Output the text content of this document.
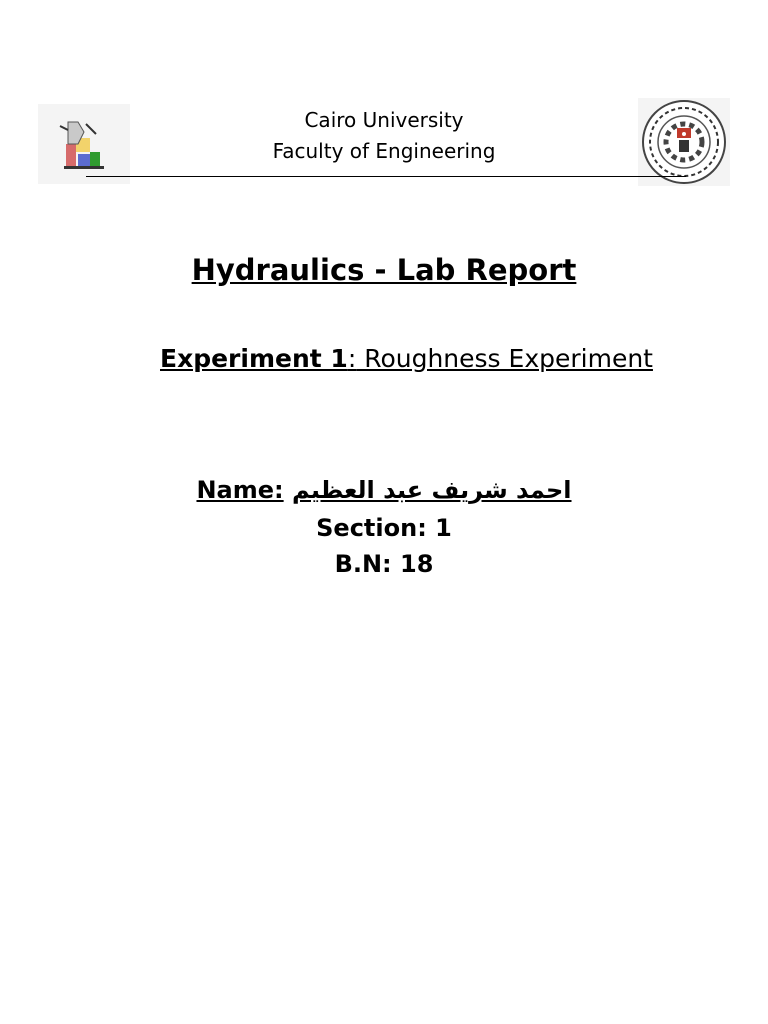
Cairo University
Faculty of Engineering
Hydraulics - Lab Report
Experiment 1: Roughness Experiment
Name: احمد شريف عبد العظيم
Section: 1
B.N: 18
